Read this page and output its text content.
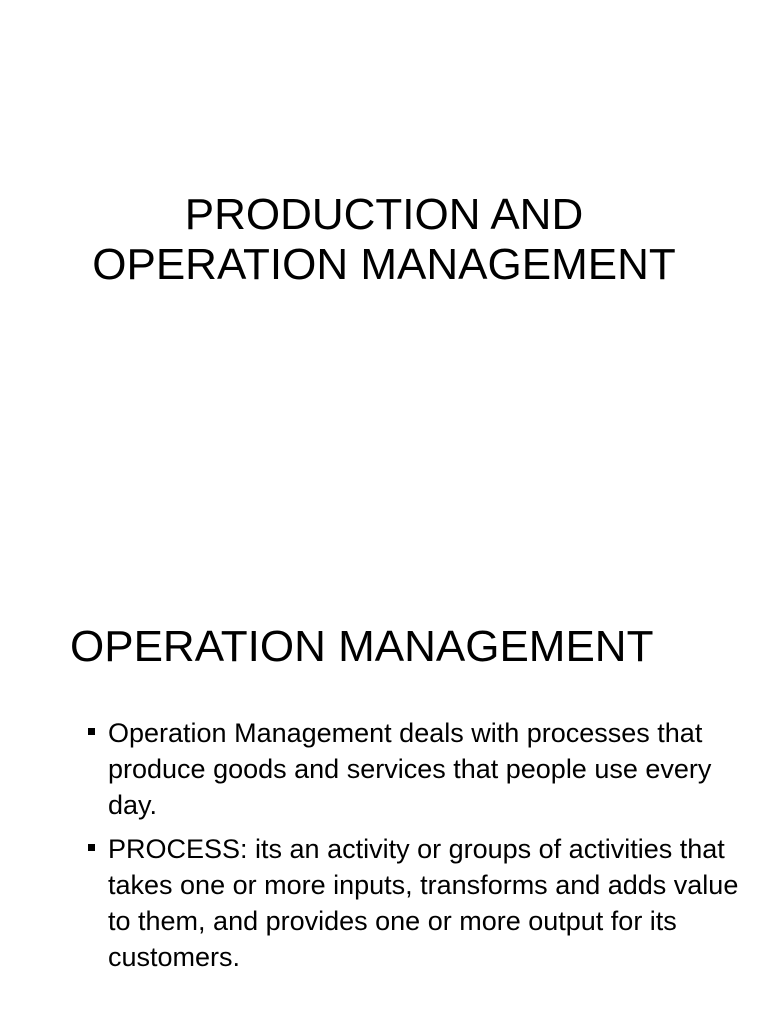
PRODUCTION AND
OPERATION MANAGEMENT
OPERATION MANAGEMENT
Operation Management deals with processes that produce goods and services that people use every day.
PROCESS: its an activity or groups of activities that takes one or more inputs, transforms and adds value to them, and provides one or more output for its customers.
